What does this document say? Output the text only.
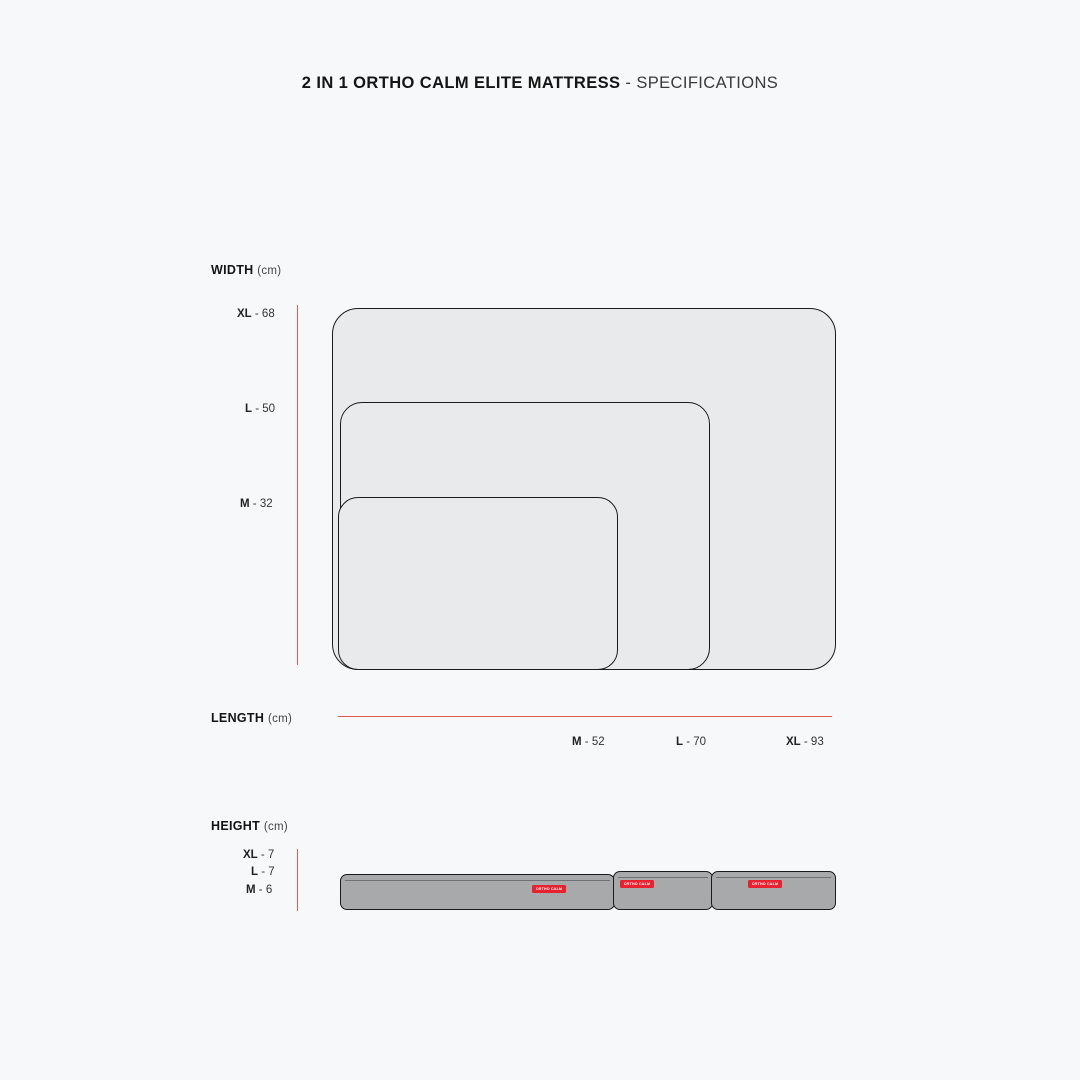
2 IN 1 ORTHO CALM ELITE MATTRESS - SPECIFICATIONS
WIDTH (cm)
XL - 68
L - 50
M - 32
LENGTH (cm)
M - 52	L - 70	XL - 93
HEIGHT (cm)
XL - 7
L - 7
M - 6	ORTHO CALM
ORTHO CALM	ORTHO CALM
